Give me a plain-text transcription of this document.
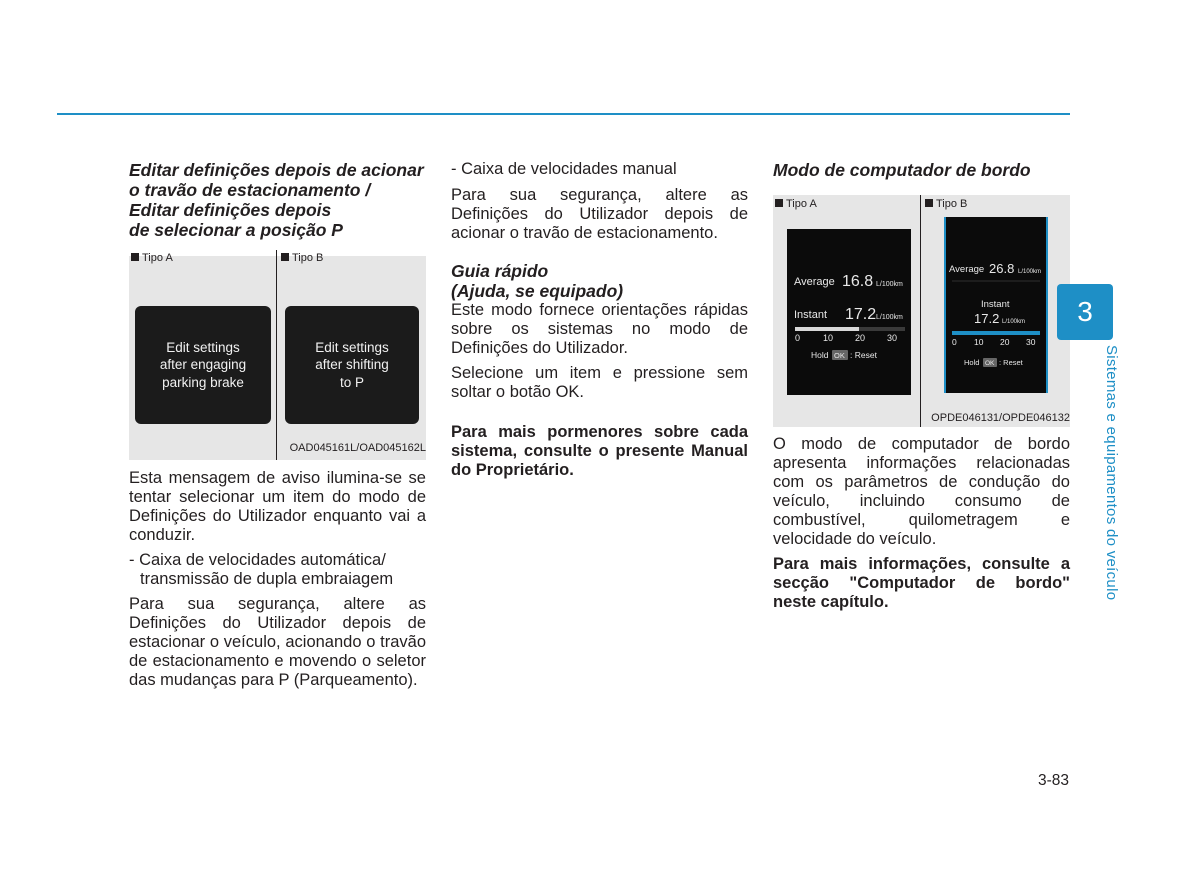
Editar definições depois de acionar
o travão de estacionamento /
Editar definições depois
de selecionar a posição P
Tipo A	Tipo B
Edit settings
after engaging
parking brake
Edit settings
after shifting
to P
OAD045161L/OAD045162L

Esta mensagem de aviso ilumina-se se tentar selecionar um item do modo de Definições do Utilizador enquanto vai a conduzir.

- Caixa de velocidades automática/
transmissão de dupla embraiagem

Para sua segurança, altere as Definições do Utilizador depois de estacionar o veículo, acionando o travão de estacionamento e movendo o seletor das mudanças para P (Parqueamento).

- Caixa de velocidades manual

Para sua segurança, altere as Definições do Utilizador depois de acionar o travão de estacionamento.

Guia rápido
(Ajuda, se equipado)

Este modo fornece orientações rápidas sobre os sistemas no modo de Definições do Utilizador.

Selecione um item e pressione sem soltar o botão OK.

Para mais pormenores sobre cada sistema, consulte o presente Manual do Proprietário.

Modo de computador de bordo
Tipo A	Tipo B
Average 16.8 L/100km
Instant 17.2 L/100km
0	10 20 30
Hold OK : Reset
Average 26.8 L/100km
Instant
17.2 L/100km
0 10 20 30
Hold OK : Reset
OPDE046131/OPDE046132

O modo de computador de bordo apresenta informações relacionadas com os parâmetros de condução do veículo, incluindo consumo de combustível, quilometragem e velocidade do veículo.

Para mais informações, consulte a secção "Computador de bordo" neste capítulo.

3
Sistemas e equipamentos do veículo
3-83
